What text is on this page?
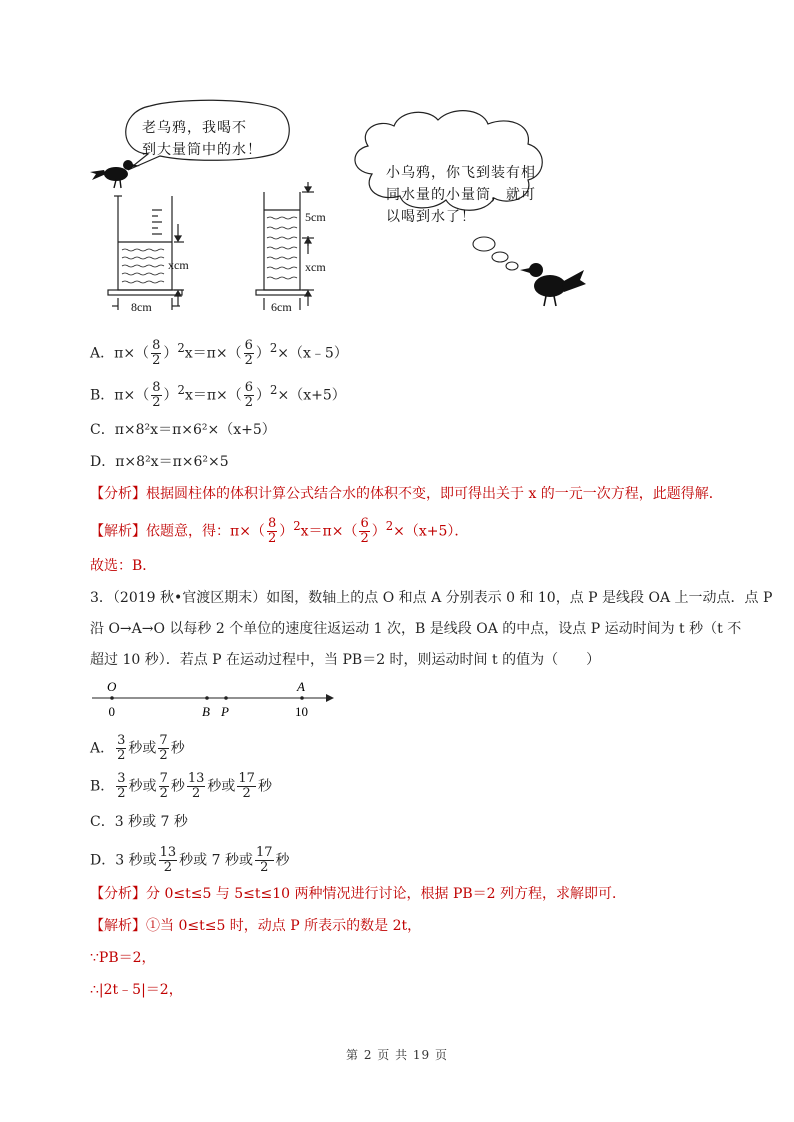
xcm
8cm
5cm
xcm
6cm
老乌鸦，我喝不
到大量筒中的水！
小乌鸦，你飞到装有相
同水量的小量筒，就可
以喝到水了！
A．$\pi\times( \frac{8}{2} )^2x=\pi\times( \frac{6}{2}$ ）$^2\times(x﹣5)$
B．$\pi\times( \frac{8}{2} )^2x=\pi\times( \frac{6}{2} )^2\times(x+5)$
C．π×8²x＝π×6²×（x+5）
D．π×8²x＝π×6²×5
【分析】根据圆柱体的体积计算公式结合水的体积不变，即可得出关于 x 的一元一次方程，此题得解．
【解析】依题意，得：$\pi\times( \frac{8}{2} )^2x=\pi\times( \frac{6}{2} )^2\times(x+5)$．
故选：B．
3．（2019 秋•官渡区期末）如图，数轴上的点 O 和点 A 分别表示 0 和 10，点 P 是线段 OA 上一动点．点 P
沿 O→A→O 以每秒 2 个单位的速度往返运动 1 次，B 是线段 OA 的中点，设点 P 运动时间为 t 秒（t 不
超过 10 秒）．若点 P 在运动过程中，当 PB＝2 时，则运动时间 t 的值为（　　）
O
0	B P
A
10
A． $\frac{3}{2}$ 秒或 $\frac{7}{2}$ 秒
B． $\frac{3}{2}$ 秒或 $\frac{7}{2}$ 秒 $\frac{13}{2}$ 秒或 $\frac{17}{2}$ 秒
C．3 秒或 7 秒
D．3 秒或 $\frac{13}{2}$ 秒或 7 秒或 $\frac{17}{2}$ 秒
【分析】分 0≤t≤5 与 5≤t≤10 两种情况进行讨论，根据 PB＝2 列方程，求解即可．
【解析】①当 0≤t≤5 时，动点 P 所表示的数是 2t，
∵PB＝2，
∴|2t﹣5|＝2，
第 2 页 共 19 页
